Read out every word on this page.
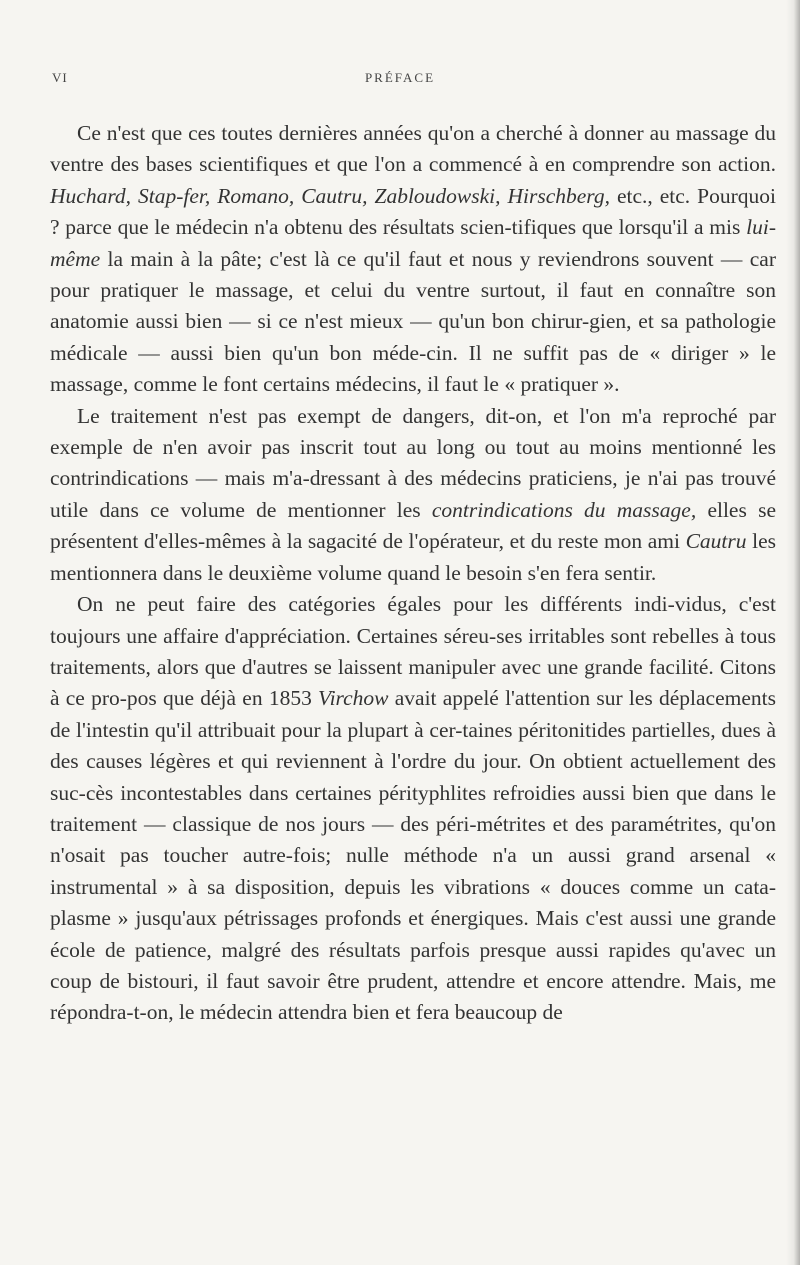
VI	PRÉFACE

Ce n'est que ces toutes dernières années qu'on a cherché à donner au massage du ventre des bases scientifiques et que l'on a commencé à en comprendre son action. Huchard, Stap-fer, Romano, Cautru, Zabloudowski, Hirschberg, etc., etc. Pourquoi ? parce que le médecin n'a obtenu des résultats scien-tifiques que lorsqu'il a mis lui-même la main à la pâte; c'est là ce qu'il faut et nous y reviendrons souvent — car pour pratiquer le massage, et celui du ventre surtout, il faut en connaître son anatomie aussi bien — si ce n'est mieux — qu'un bon chirur-gien, et sa pathologie médicale — aussi bien qu'un bon méde-cin. Il ne suffit pas de « diriger » le massage, comme le font certains médecins, il faut le « pratiquer ».

Le traitement n'est pas exempt de dangers, dit-on, et l'on m'a reproché par exemple de n'en avoir pas inscrit tout au long ou tout au moins mentionné les contrindications — mais m'a-dressant à des médecins praticiens, je n'ai pas trouvé utile dans ce volume de mentionner les contrindications du massage, elles se présentent d'elles-mêmes à la sagacité de l'opérateur, et du reste mon ami Cautru les mentionnera dans le deuxième volume quand le besoin s'en fera sentir.

On ne peut faire des catégories égales pour les différents indi-vidus, c'est toujours une affaire d'appréciation. Certaines séreu-ses irritables sont rebelles à tous traitements, alors que d'autres se laissent manipuler avec une grande facilité. Citons à ce pro-pos que déjà en 1853 Virchow avait appelé l'attention sur les déplacements de l'intestin qu'il attribuait pour la plupart à cer-taines péritonitides partielles, dues à des causes légères et qui reviennent à l'ordre du jour. On obtient actuellement des suc-cès incontestables dans certaines pérityphlites refroidies aussi bien que dans le traitement — classique de nos jours — des péri-métrites et des paramétrites, qu'on n'osait pas toucher autre-fois; nulle méthode n'a un aussi grand arsenal « instrumental » à sa disposition, depuis les vibrations « douces comme un cata-plasme » jusqu'aux pétrissages profonds et énergiques. Mais c'est aussi une grande école de patience, malgré des résultats parfois presque aussi rapides qu'avec un coup de bistouri, il faut savoir être prudent, attendre et encore attendre. Mais, me répondra-t-on, le médecin attendra bien et fera beaucoup de
